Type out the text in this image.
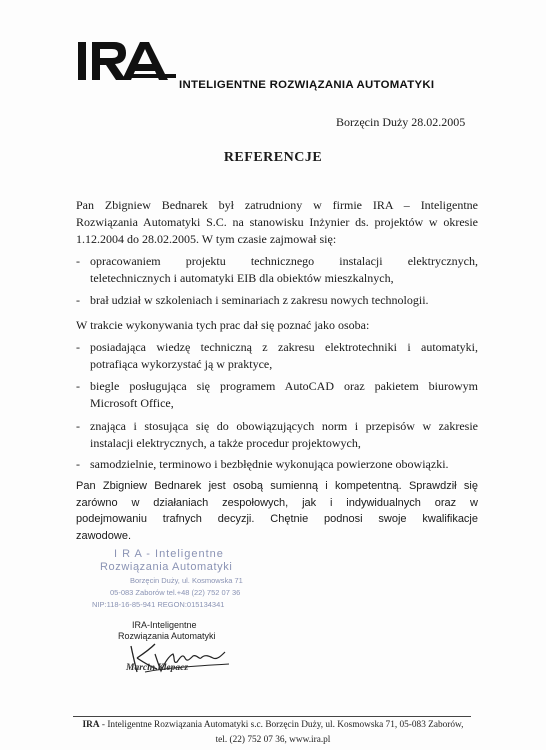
INTELIGENTNE ROZWIĄZANIA AUTOMATYKI
Borzęcin Duży 28.02.2005
REFERENCJE
Pan Zbigniew Bednarek był zatrudniony w firmie IRA – Inteligentne
Rozwiązania Automatyki S.C. na stanowisku Inżynier ds. projektów w okresie
1.12.2004 do 28.02.2005. W tym czasie zajmował się:
- opracowaniem projektu technicznego instalacji elektrycznych,
teletechnicznych i automatyki EIB dla obiektów mieszkalnych,
- brał udział w szkoleniach i seminariach z zakresu nowych technologii.
W trakcie wykonywania tych prac dał się poznać jako osoba:
- posiadająca wiedzę techniczną z zakresu elektrotechniki i automatyki,
potrafiąca wykorzystać ją w praktyce,
- biegle posługująca się programem AutoCAD oraz pakietem biurowym
Microsoft Office,
- znająca i stosująca się do obowiązujących norm i przepisów w zakresie
instalacji elektrycznych, a także procedur projektowych,
- samodzielnie, terminowo i bezbłędnie wykonująca powierzone obowiązki.
Pan Zbigniew Bednarek jest osobą sumienną i kompetentną. Sprawdził się
zarówno w działaniach zespołowych, jak i indywidualnych oraz w
podejmowaniu trafnych decyzji. Chętnie podnosi swoje kwalifikacje
zawodowe.
I R A - Inteligentne
Rozwiązania Automatyki
Borzęcin Duży, ul. Kosmowska 71
05-083 Zaborów tel.+48 (22) 752 07 36
NIP:118-16-85-941 REGON:015134341
IRA-Inteligentne
Rozwiązania Automatyki
Marcin Klepacz
IRA - Inteligentne Rozwiązania Automatyki s.c. Borzęcin Duży, ul. Kosmowska 71, 05-083 Zaborów,
tel. (22) 752 07 36, www.ira.pl
